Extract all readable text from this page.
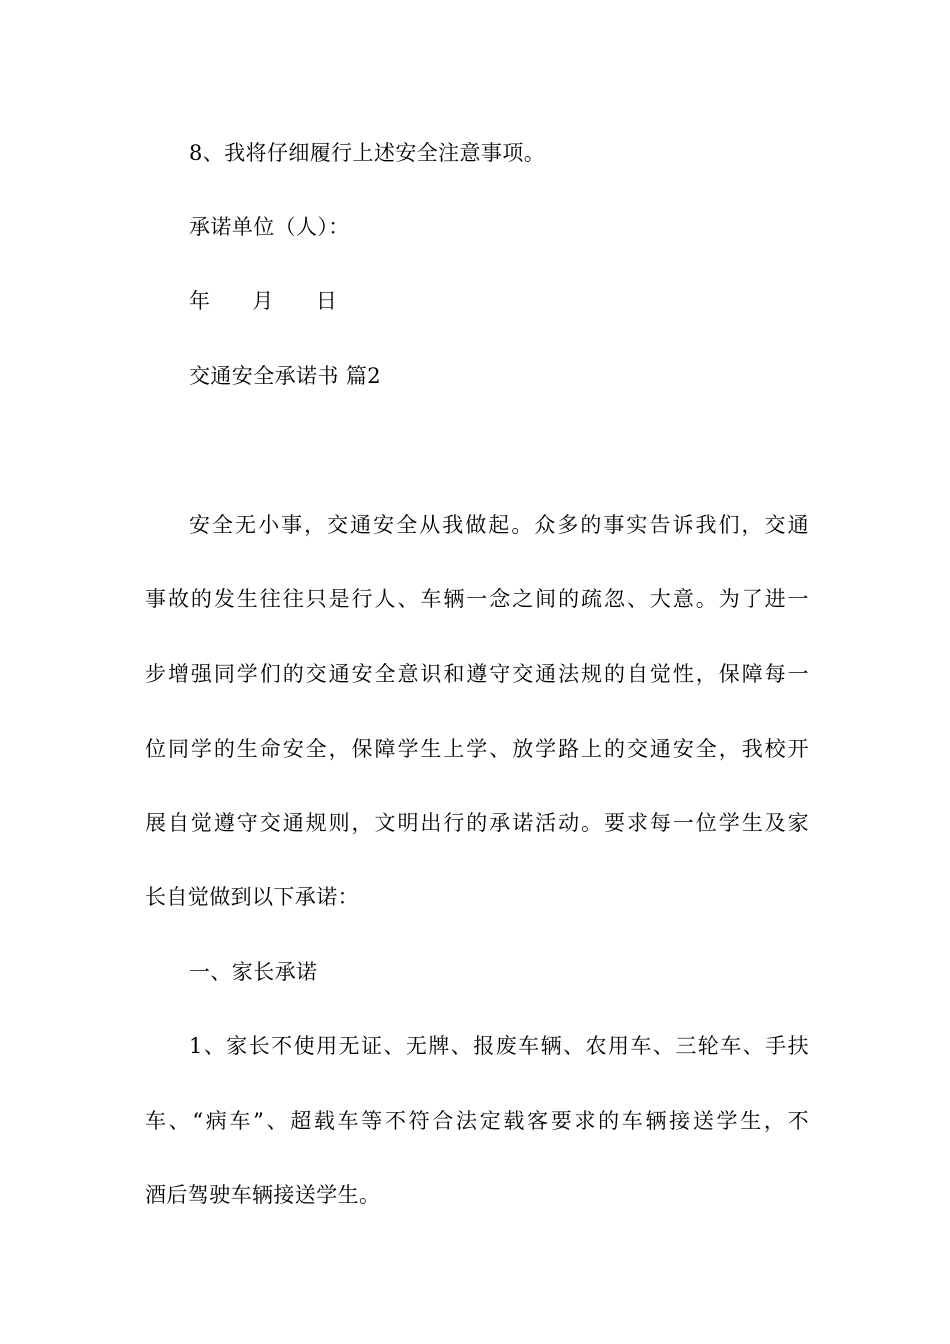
8、我将仔细履行上述安全注意事项。
承诺单位（人）：
年 月 日
交通安全承诺书 篇2
安全无小事，交通安全从我做起。众多的事实告诉我们，交通
事故的发生往往只是行人、车辆一念之间的疏忽、大意。为了进一
步增强同学们的交通安全意识和遵守交通法规的自觉性，保障每一
位同学的生命安全，保障学生上学、放学路上的交通安全，我校开
展自觉遵守交通规则，文明出行的承诺活动。要求每一位学生及家
长自觉做到以下承诺：
一、家长承诺
1、家长不使用无证、无牌、报废车辆、农用车、三轮车、手扶
车、“病车”、超载车等不符合法定载客要求的车辆接送学生，不
酒后驾驶车辆接送学生。
